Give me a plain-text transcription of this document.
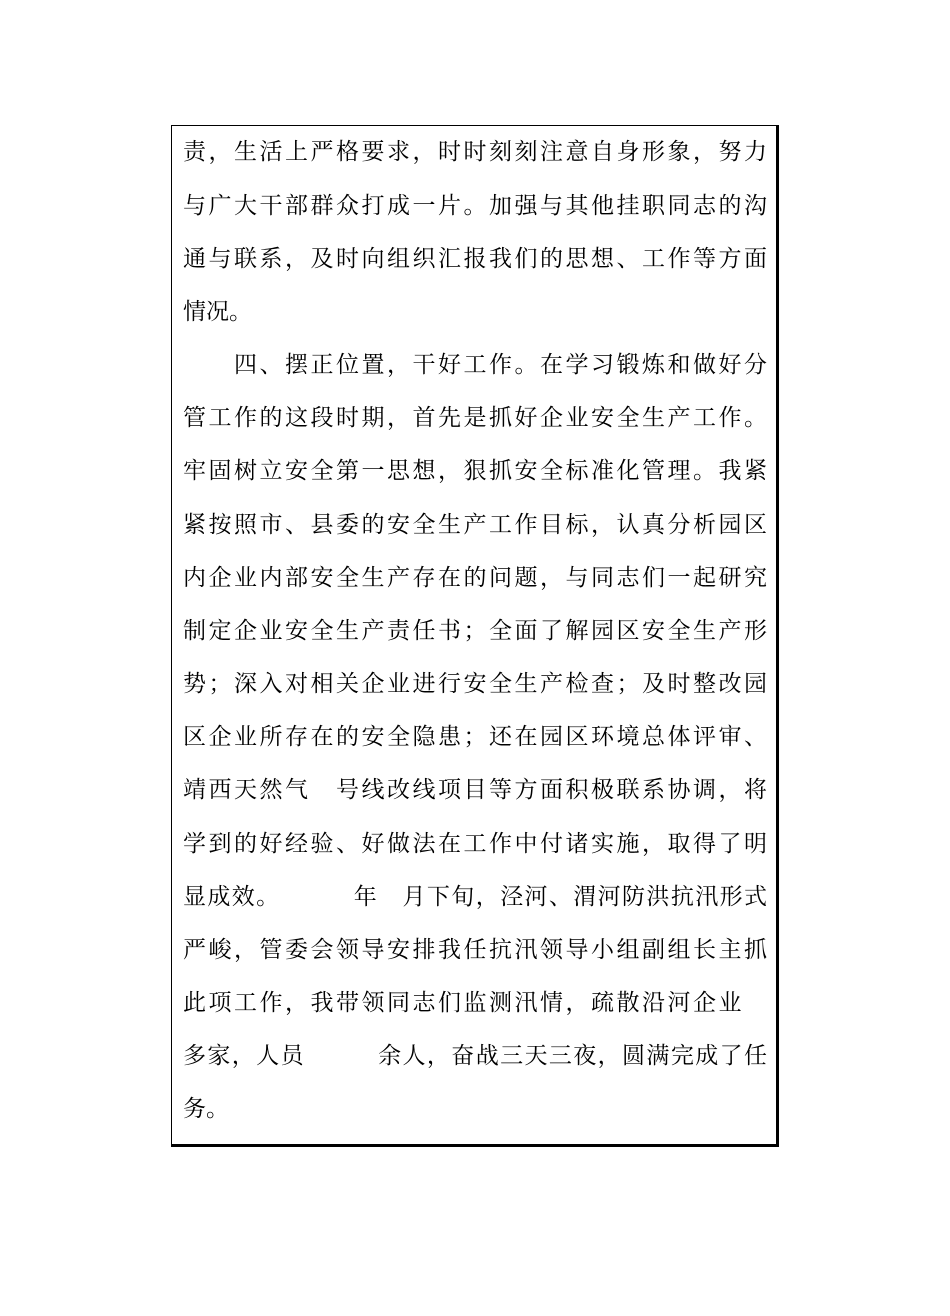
责 ， 生 活 上 严 格 要 求 ， 时 时 刻 刻 注 意 自 身 形 象 ， 努 力
与 广 大 干 部 群 众 打 成 一 片 。 加 强 与 其 他 挂 职 同 志 的 沟
通 与 联 系 ， 及 时 向 组 织 汇 报 我 们 的 思 想 、 工 作 等 方 面
情 况 。

四 、 摆 正 位 置 ， 干 好 工 作 。 在 学 习 锻 炼 和 做 好 分
管 工 作 的 这 段 时 期 ， 首 先 是 抓 好 企 业 安 全 生 产 工 作 。
牢 固 树 立 安 全 第 一 思 想 ， 狠 抓 安 全 标 准 化 管 理 。 我 紧
紧 按 照 市 、 县 委 的 安 全 生 产 工 作 目 标 ， 认 真 分 析 园 区
内 企 业 内 部 安 全 生 产 存 在 的 问 题 ， 与 同 志 们 一 起 研 究
制 定 企 业 安 全 生 产 责 任 书 ； 全 面 了 解 园 区 安 全 生 产 形
势 ； 深 入 对 相 关 企 业 进 行 安 全 生 产 检 查 ； 及 时 整 改 园
区 企 业 所 存 在 的 安 全 隐 患 ； 还 在 园 区 环 境 总 体 评 审 、
靖 西 天 然 气
　 号 线 改 线 项 目 等 方 面 积 极 联 系 协 调 ， 将
学 到 的 好 经 验 、 好 做 法 在 工 作 中 付 诸 实 施 ， 取 得 了 明
显 成 效 。

　	年
　 月 下 旬 ， 泾 河 、 渭 河 防 洪 抗 汛 形 式
严 峻 ， 管 委 会 领 导 安 排 我 任 抗 汛 领 导 小 组 副 组 长 主 抓
此 项 工 作 ， 我 带 领 同 志 们 监 测 汛 情 ， 疏 散 沿 河 企 业

多 家 ， 人 员

　	余 人 ， 奋 战 三 天 三 夜 ， 圆 满 完 成 了 任
务 。
